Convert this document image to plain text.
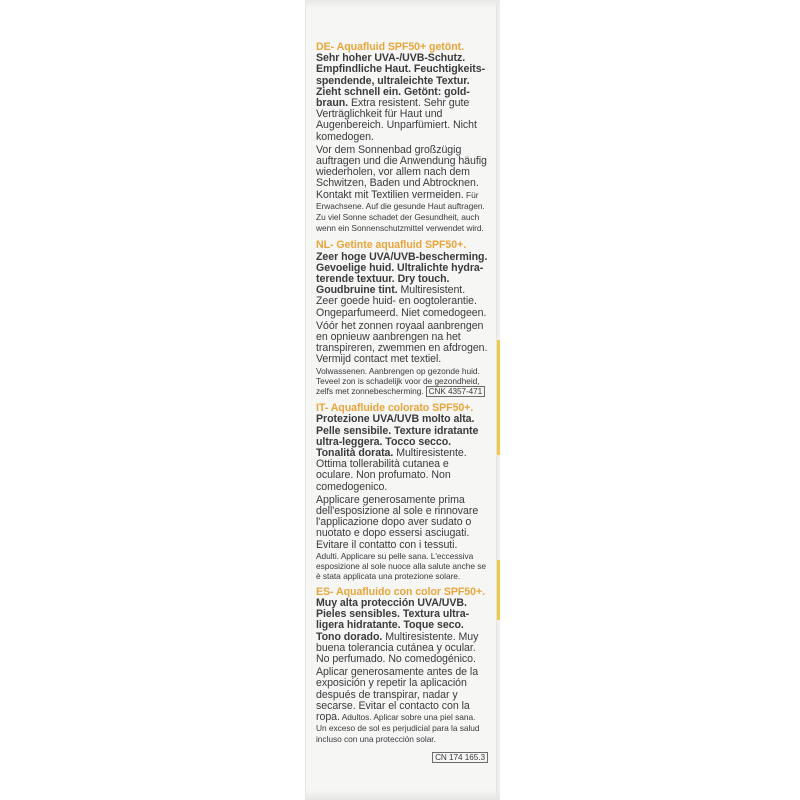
DE- Aquafluid SPF50+ getönt. Sehr hoher UVA-/UVB-Schutz. Empfindliche Haut. Feuchtigkeits-spendende, ultraleichte Textur. Zieht schnell ein. Getönt: gold-braun. Extra resistent. Sehr gute Verträglichkeit für Haut und Augenbereich. Unparfümiert. Nicht komedogen.
Vor dem Sonnenbad großzügig auftragen und die Anwendung häufig wiederholen, vor allem nach dem Schwitzen, Baden und Abtrocknen. Kontakt mit Textilien vermeiden. Für Erwachsene. Auf die gesunde Haut auftragen. Zu viel Sonne schadet der Gesundheit, auch wenn ein Sonnenschutzmittel verwendet wird.
NL- Getinte aquafluid SPF50+. Zeer hoge UVA/UVB-bescherming. Gevoelige huid. Ultralichte hydra-terende textuur. Dry touch. Goudbruine tint. Multiresistent. Zeer goede huid- en oogtolerantie. Ongeparfumeerd. Niet comedogeen.
Vóór het zonnen royaal aanbrengen en opnieuw aanbrengen na het transpireren, zwemmen en afdrogen. Vermijd contact met textiel.
Volwassenen. Aanbrengen op gezonde huid. Teveel zon is schadelijk voor de gezondheid, zelfs met zonnebescherming. CNK 4357-471
IT- Aquafluide colorato SPF50+. Protezione UVA/UVB molto alta. Pelle sensibile. Texture idratante ultra-leggera. Tocco secco. Tonalità dorata. Multiresistente. Ottima tollerabilità cutanea e oculare. Non profumato. Non comedogenico.
Applicare generosamente prima dell'esposizione al sole e rinnovare l'applicazione dopo aver sudato o nuotato e dopo essersi asciugati. Evitare il contatto con i tessuti.
Adulti. Applicare su pelle sana. L'eccessiva esposizione al sole nuoce alla salute anche se è stata applicata una protezione solare.
ES- Aquafluido con color SPF50+. Muy alta protección UVA/UVB. Pieles sensibles. Textura ultra-ligera hidratante. Toque seco. Tono dorado. Multiresistente. Muy buena tolerancia cutánea y ocular. No perfumado. No comedogénico.
Aplicar generosamente antes de la exposición y repetir la aplicación después de transpirar, nadar y secarse. Evitar el contacto con la ropa. Adultos. Aplicar sobre una piel sana. Un exceso de sol es perjudicial para la salud incluso con una protección solar.
CN 174 165.3
